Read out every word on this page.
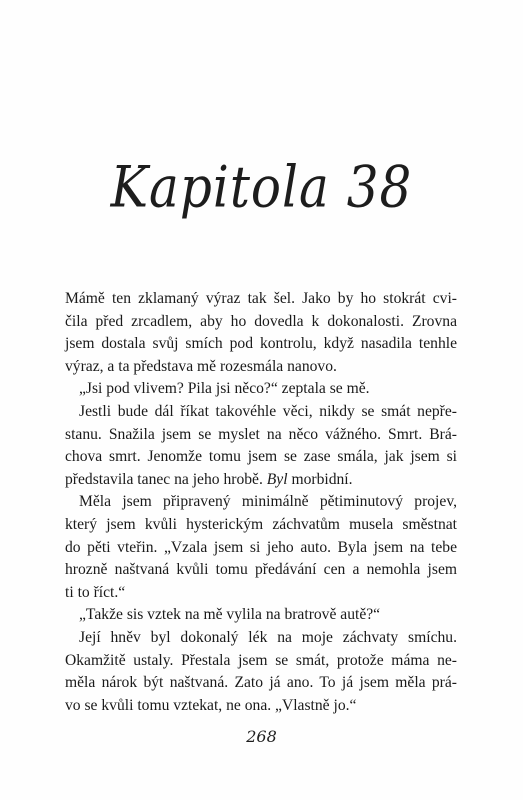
Kapitola 38
Mámě ten zklamaný výraz tak šel. Jako by ho stokrát cvi-
čila před zrcadlem, aby ho dovedla k dokonalosti. Zrovna
jsem dostala svůj smích pod kontrolu, když nasadila tenhle
výraz, a ta představa mě rozesmála nanovo.
„Jsi pod vlivem? Pila jsi něco?“ zeptala se mě.
Jestli bude dál říkat takovéhle věci, nikdy se smát nepře-
stanu. Snažila jsem se myslet na něco vážného. Smrt. Brá-
chova smrt. Jenomže tomu jsem se zase smála, jak jsem si
představila tanec na jeho hrobě. Byl morbidní.
Měla jsem připravený minimálně pětiminutový projev,
který jsem kvůli hysterickým záchvatům musela směstnat
do pěti vteřin. „Vzala jsem si jeho auto. Byla jsem na tebe
hrozně naštvaná kvůli tomu předávání cen a nemohla jsem
ti to říct.“
„Takže sis vztek na mě vylila na bratrově autě?“
Její hněv byl dokonalý lék na moje záchvaty smíchu.
Okamžitě ustaly. Přestala jsem se smát, protože máma ne-
měla nárok být naštvaná. Zato já ano. To já jsem měla prá-
vo se kvůli tomu vztekat, ne ona. „Vlastně jo.“
268
